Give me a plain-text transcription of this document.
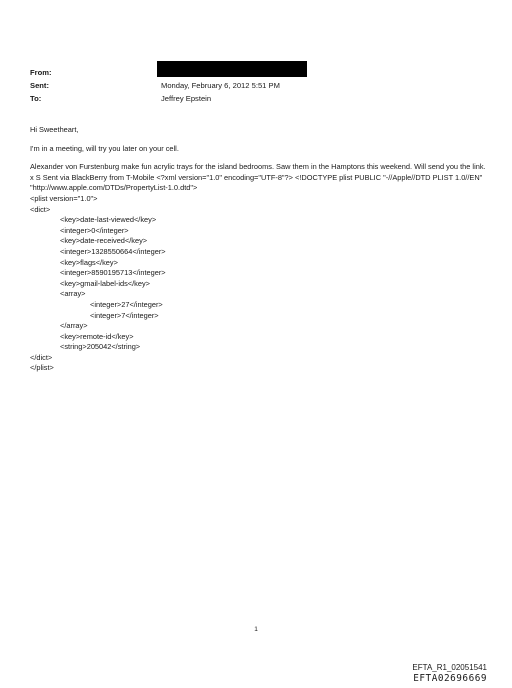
From:
Sent:	Monday, February 6, 2012 5:51 PM
To:	Jeffrey Epstein

Hi Sweetheart,

I'm in a meeting, will try you later on your cell.

Alexander von Furstenburg make fun acrylic trays for the island bedrooms. Saw them in the Hamptons this weekend. Will send you the link. x S Sent via BlackBerry from T-Mobile <?xml version="1.0" encoding="UTF-8"?> <!DOCTYPE plist PUBLIC "-//Apple//DTD PLIST 1.0//EN" "http://www.apple.com/DTDs/PropertyList-1.0.dtd">

<plist version="1.0">
<dict>
<key>date-last-viewed</key>
<integer>0</integer>
<key>date-received</key>
<integer>1328550664</integer>
<key>flags</key>
<integer>8590195713</integer>
<key>gmail-label-ids</key>
<array>
<integer>27</integer>
<integer>7</integer>
</array>
<key>remote-id</key>
<string>205042</string>
</dict>
</plist>
1
EFTA_R1_02051541
EFTA02696669
